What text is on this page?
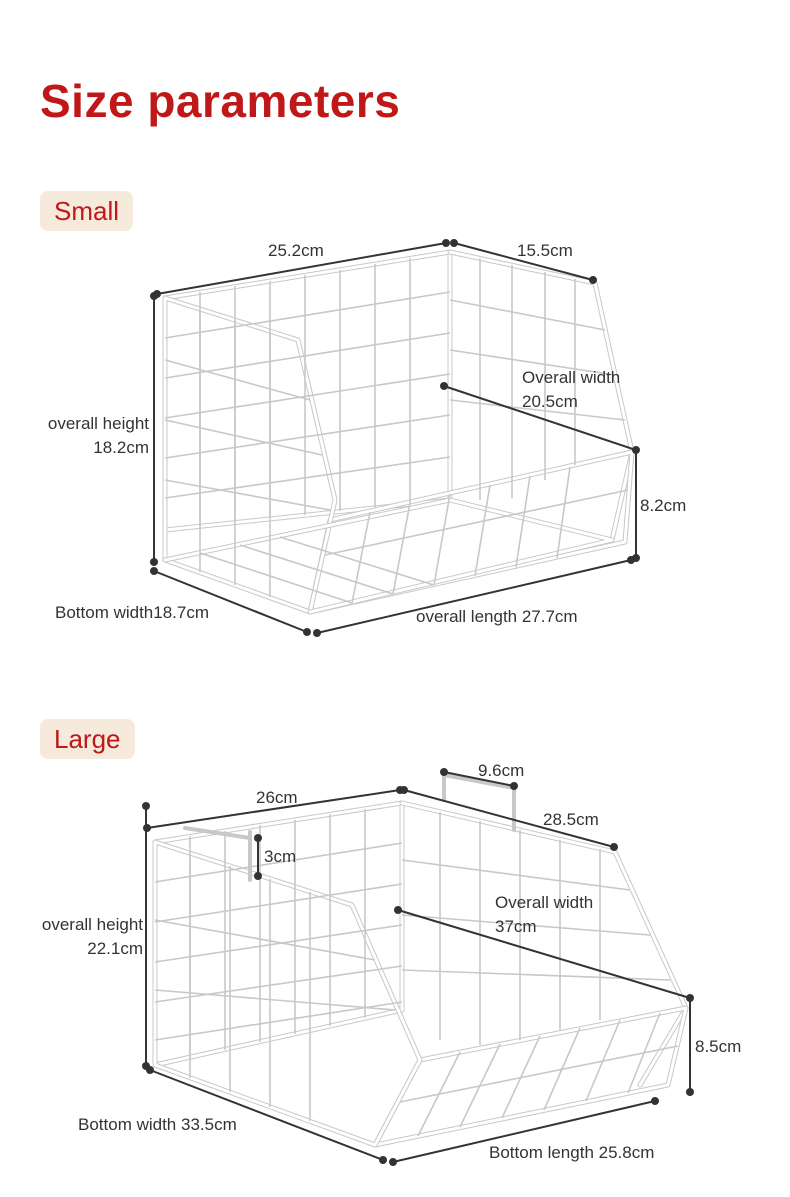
Size parameters
Small
25.2cm	15.5cm
overall height
18.2cm
Overall width
20.5cm
8.2cm
Bottom width18.7cm	overall length 27.7cm
Large
9.6cm
26cm
28.5cm
3cm
overall height
22.1cm
Overall width
37cm
8.5cm
Bottom width 33.5cm
Bottom length 25.8cm
